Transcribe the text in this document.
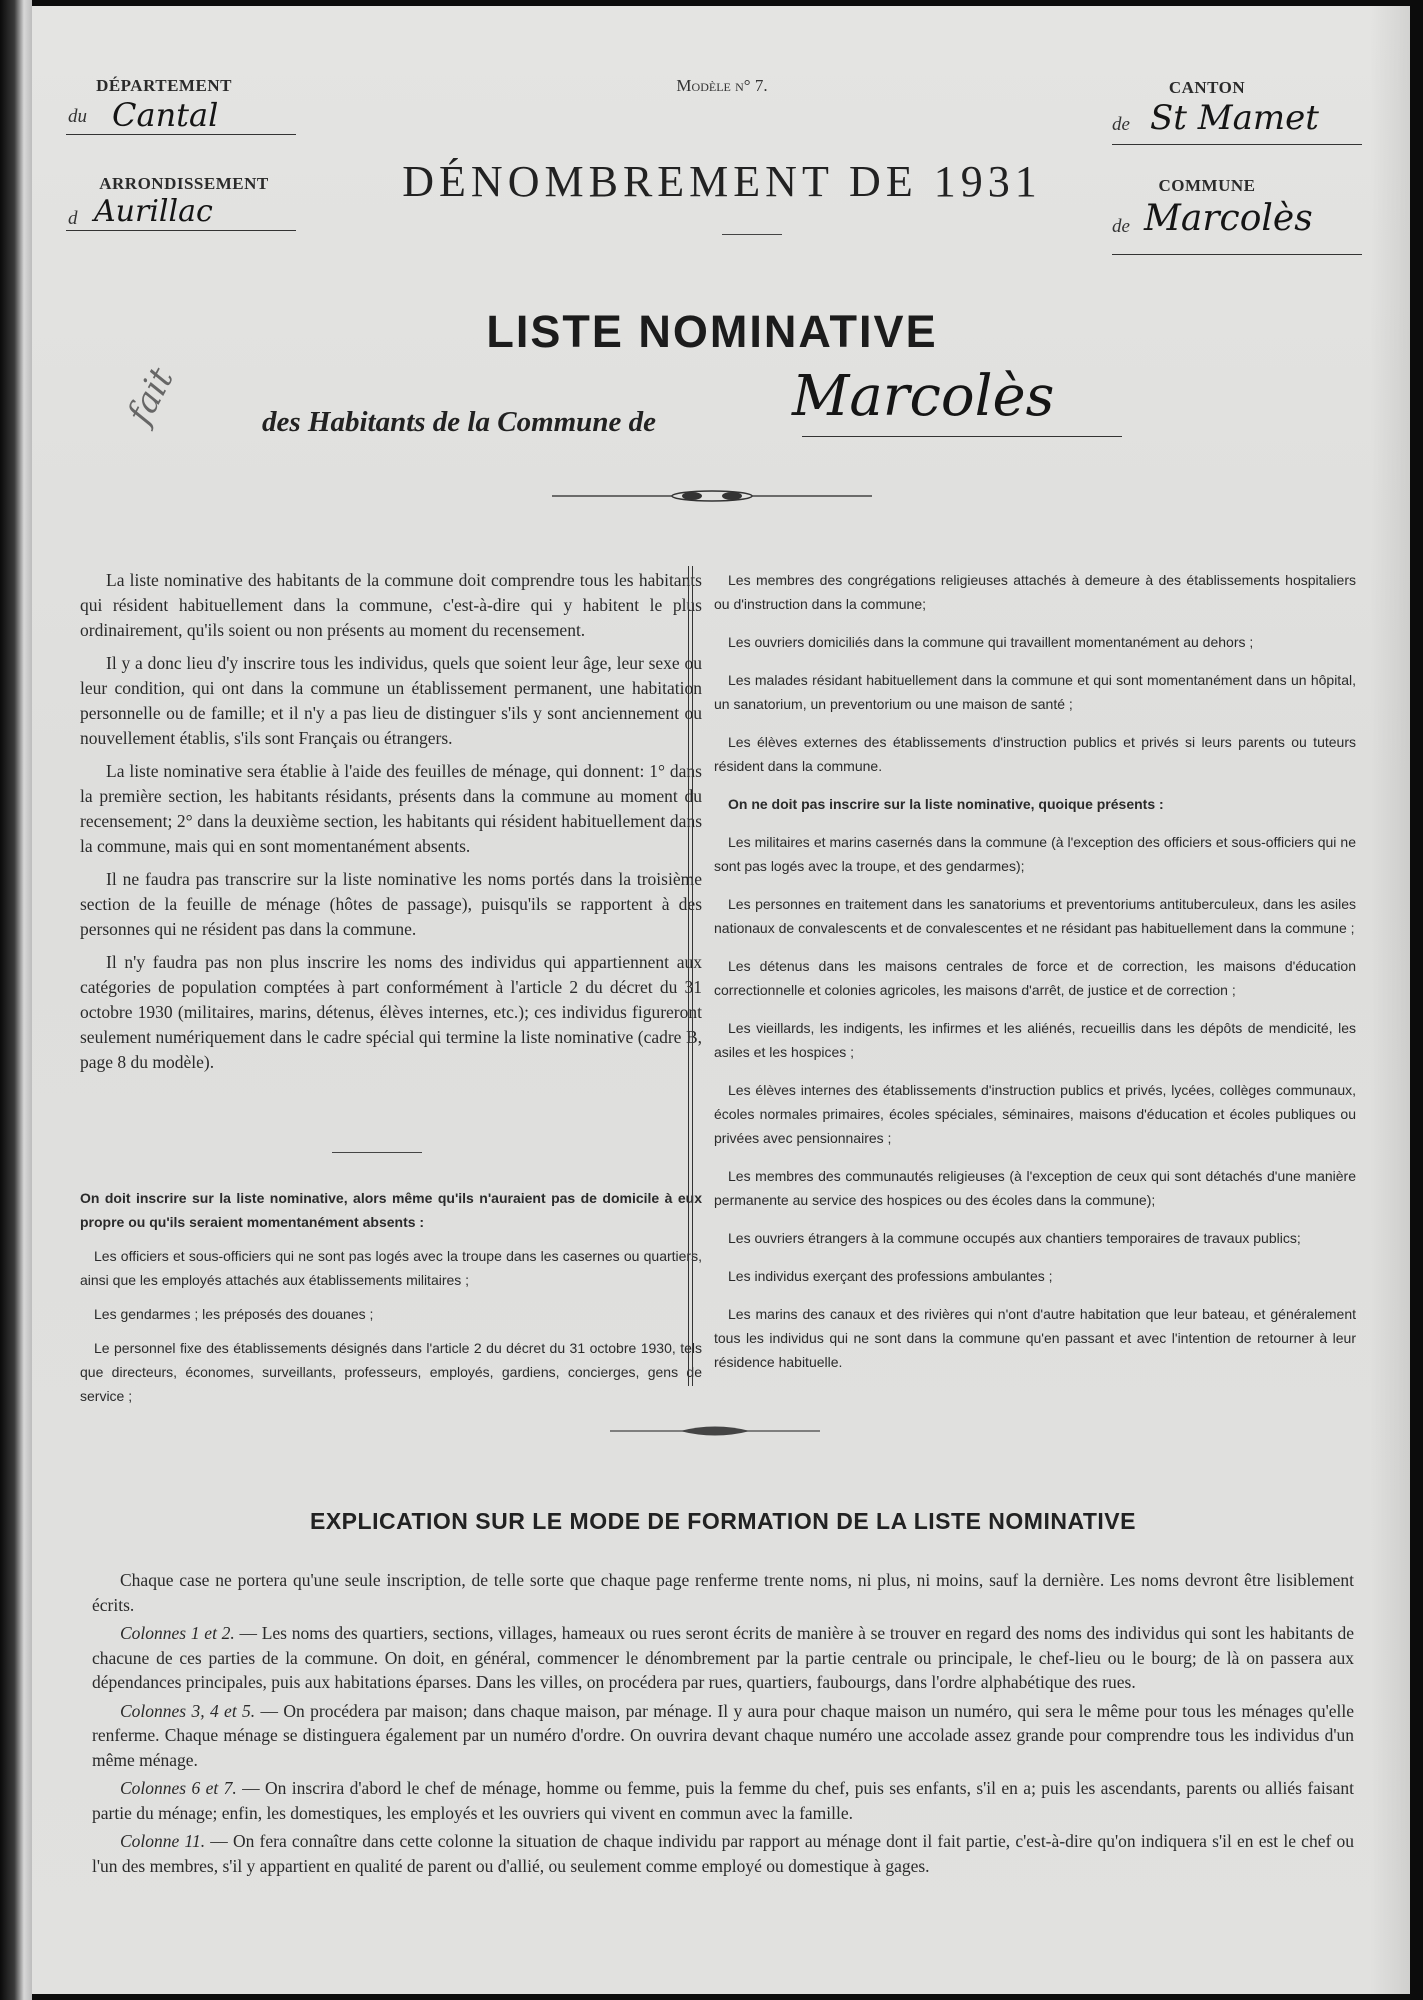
DÉPARTEMENT
du Cantal
ARRONDISSEMENT
d Aurillac
Modèle n° 7.
DÉNOMBREMENT DE 1931
CANTON
de St Mamet
COMMUNE
de Marcolès
fait
LISTE NOMINATIVE
des Habitants de la Commune de Marcolès

La liste nominative des habitants de la commune doit comprendre tous les habitants qui résident habituellement dans la commune, c'est-à-dire qui y habitent le plus ordinairement, qu'ils soient ou non présents au moment du recensement.

Il y a donc lieu d'y inscrire tous les individus, quels que soient leur âge, leur sexe ou leur condition, qui ont dans la commune un établissement permanent, une habitation personnelle ou de famille; et il n'y a pas lieu de distinguer s'ils y sont anciennement ou nouvellement établis, s'ils sont Français ou étrangers.

La liste nominative sera établie à l'aide des feuilles de ménage, qui donnent: 1° dans la première section, les habitants résidants, présents dans la commune au moment du recensement; 2° dans la deuxième section, les habitants qui résident habituellement dans la commune, mais qui en sont momentanément absents.

Il ne faudra pas transcrire sur la liste nominative les noms portés dans la troisième section de la feuille de ménage (hôtes de passage), puisqu'ils se rapportent à des personnes qui ne résident pas dans la commune.

Il n'y faudra pas non plus inscrire les noms des individus qui appartiennent aux catégories de population comptées à part conformément à l'article 2 du décret du 31 octobre 1930 (militaires, marins, détenus, élèves internes, etc.); ces individus figureront seulement numériquement dans le cadre spécial qui termine la liste nominative (cadre B, page 8 du modèle).

On doit inscrire sur la liste nominative, alors même qu'ils n'auraient pas de domicile à eux propre ou qu'ils seraient momentanément absents :

Les officiers et sous-officiers qui ne sont pas logés avec la troupe dans les casernes ou quartiers, ainsi que les employés attachés aux établissements militaires ;

Les gendarmes ; les préposés des douanes ;

Le personnel fixe des établissements désignés dans l'article 2 du décret du 31 octobre 1930, tels que directeurs, économes, surveillants, professeurs, employés, gardiens, concierges, gens de service ;

Les membres des congrégations religieuses attachés à demeure à des établissements hospitaliers ou d'instruction dans la commune;

Les ouvriers domiciliés dans la commune qui travaillent momentanément au dehors ;

Les malades résidant habituellement dans la commune et qui sont momentanément dans un hôpital, un sanatorium, un preventorium ou une maison de santé ;

Les élèves externes des établissements d'instruction publics et privés si leurs parents ou tuteurs résident dans la commune.

On ne doit pas inscrire sur la liste nominative, quoique présents :

Les militaires et marins casernés dans la commune (à l'exception des officiers et sous-officiers qui ne sont pas logés avec la troupe, et des gendarmes);

Les personnes en traitement dans les sanatoriums et preventoriums antituberculeux, dans les asiles nationaux de convalescents et de convalescentes et ne résidant pas habituellement dans la commune ;

Les détenus dans les maisons centrales de force et de correction, les maisons d'éducation correctionnelle et colonies agricoles, les maisons d'arrêt, de justice et de correction ;

Les vieillards, les indigents, les infirmes et les aliénés, recueillis dans les dépôts de mendicité, les asiles et les hospices ;

Les élèves internes des établissements d'instruction publics et privés, lycées, collèges communaux, écoles normales primaires, écoles spéciales, séminaires, maisons d'éducation et écoles publiques ou privées avec pensionnaires ;

Les membres des communautés religieuses (à l'exception de ceux qui sont détachés d'une manière permanente au service des hospices ou des écoles dans la commune);

Les ouvriers étrangers à la commune occupés aux chantiers temporaires de travaux publics;

Les individus exerçant des professions ambulantes ;

Les marins des canaux et des rivières qui n'ont d'autre habitation que leur bateau, et généralement tous les individus qui ne sont dans la commune qu'en passant et avec l'intention de retourner à leur résidence habituelle.

EXPLICATION SUR LE MODE DE FORMATION DE LA LISTE NOMINATIVE

Chaque case ne portera qu'une seule inscription, de telle sorte que chaque page renferme trente noms, ni plus, ni moins, sauf la dernière. Les noms devront être lisiblement écrits.

Colonnes 1 et 2. — Les noms des quartiers, sections, villages, hameaux ou rues seront écrits de manière à se trouver en regard des noms des individus qui sont les habitants de chacune de ces parties de la commune. On doit, en général, commencer le dénombrement par la partie centrale ou principale, le chef-lieu ou le bourg; de là on passera aux dépendances principales, puis aux habitations éparses. Dans les villes, on procédera par rues, quartiers, faubourgs, dans l'ordre alphabétique des rues.

Colonnes 3, 4 et 5. — On procédera par maison; dans chaque maison, par ménage. Il y aura pour chaque maison un numéro, qui sera le même pour tous les ménages qu'elle renferme. Chaque ménage se distinguera également par un numéro d'ordre. On ouvrira devant chaque numéro une accolade assez grande pour comprendre tous les individus d'un même ménage.

Colonnes 6 et 7. — On inscrira d'abord le chef de ménage, homme ou femme, puis la femme du chef, puis ses enfants, s'il en a; puis les ascendants, parents ou alliés faisant partie du ménage; enfin, les domestiques, les employés et les ouvriers qui vivent en commun avec la famille.

Colonne 11. — On fera connaître dans cette colonne la situation de chaque individu par rapport au ménage dont il fait partie, c'est-à-dire qu'on indiquera s'il en est le chef ou l'un des membres, s'il y appartient en qualité de parent ou d'allié, ou seulement comme employé ou domestique à gages.
